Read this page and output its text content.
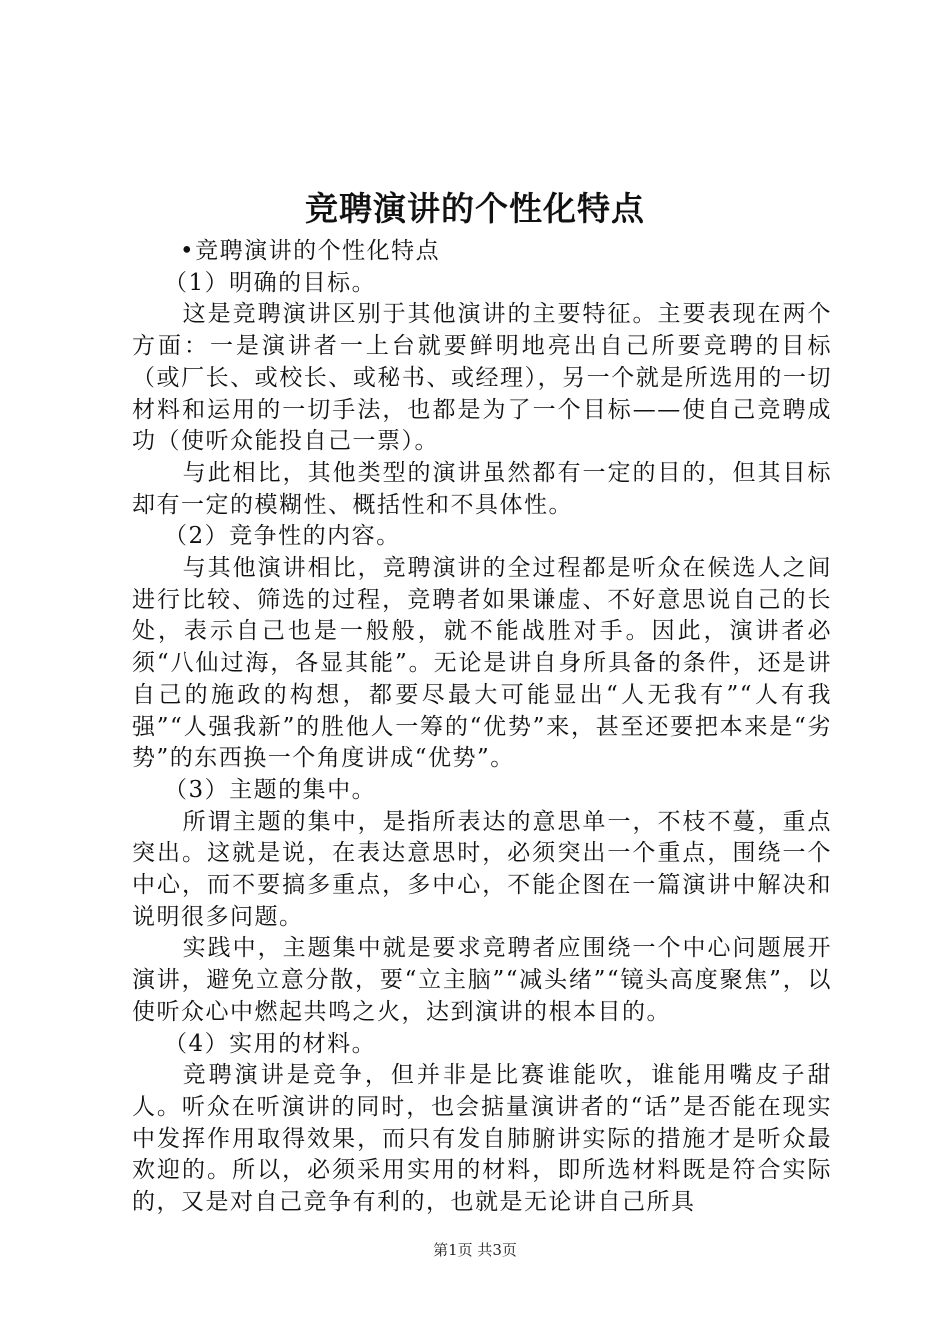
竞聘演讲的个性化特点

•竞聘演讲的个性化特点

（1）明确的目标。

这是竞聘演讲区别于其他演讲的主要特征。主要表现在两个方面：一是演讲者一上台就要鲜明地亮出自己所要竞聘的目标（或厂长、或校长、或秘书、或经理），另一个就是所选用的一切材料和运用的一切手法，也都是为了一个目标——使自己竞聘成功（使听众能投自己一票）。

与此相比，其他类型的演讲虽然都有一定的目的，但其目标却有一定的模糊性、概括性和不具体性。

（2）竞争性的内容。

与其他演讲相比，竞聘演讲的全过程都是听众在候选人之间进行比较、筛选的过程，竞聘者如果谦虚、不好意思说自己的长处，表示自己也是一般般，就不能战胜对手。因此，演讲者必须“八仙过海，各显其能”。无论是讲自身所具备的条件，还是讲自己的施政的构想，都要尽最大可能显出“人无我有”“人有我强”“人强我新”的胜他人一筹的“优势”来，甚至还要把本来是“劣势”的东西换一个角度讲成“优势”。

（3）主题的集中。

所谓主题的集中，是指所表达的意思单一，不枝不蔓，重点突出。这就是说，在表达意思时，必须突出一个重点，围绕一个中心，而不要搞多重点，多中心，不能企图在一篇演讲中解决和说明很多问题。

实践中，主题集中就是要求竞聘者应围绕一个中心问题展开演讲，避免立意分散，要“立主脑”“减头绪”“镜头高度聚焦”，以使听众心中燃起共鸣之火，达到演讲的根本目的。

（4）实用的材料。

竞聘演讲是竞争，但并非是比赛谁能吹，谁能用嘴皮子甜人。听众在听演讲的同时，也会掂量演讲者的“话”是否能在现实中发挥作用取得效果，而只有发自肺腑讲实际的措施才是听众最欢迎的。所以，必须采用实用的材料，即所选材料既是符合实际的，又是对自己竞争有利的，也就是无论讲自己所具

第1页 共3页
